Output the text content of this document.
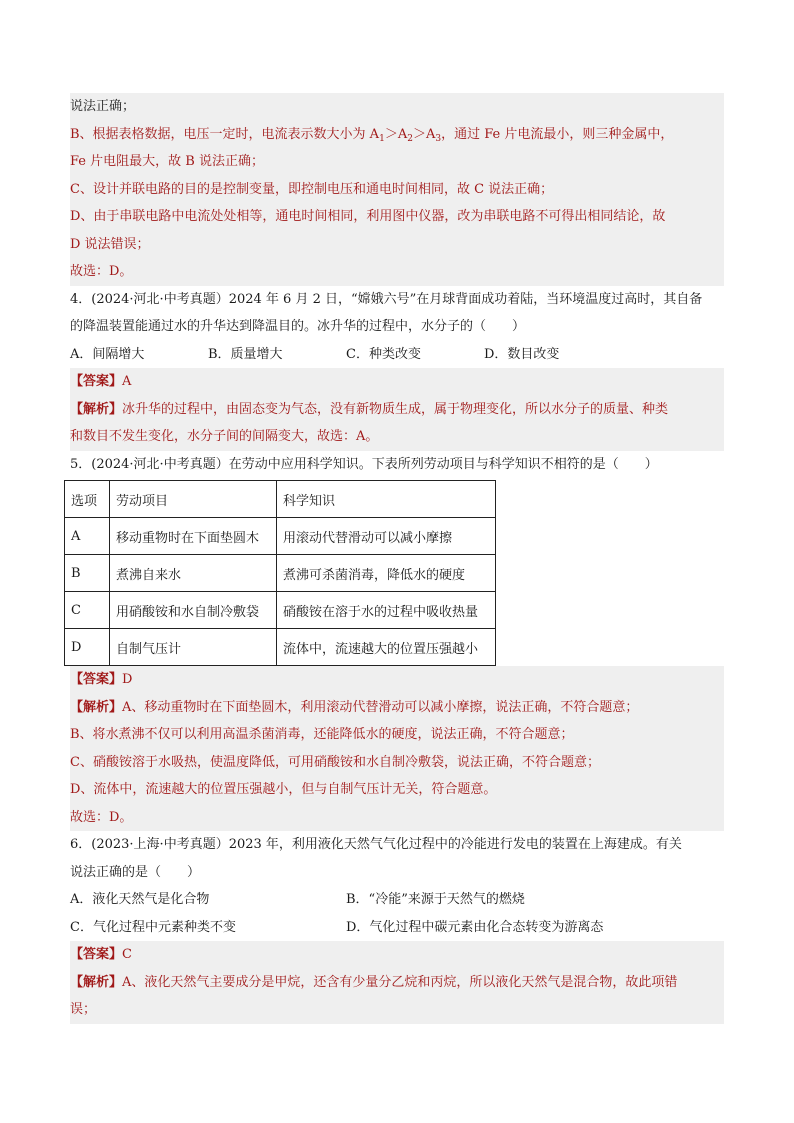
说法正确；
B、根据表格数据，电压一定时，电流表示数大小为 $A_1>A_2>A_3$，通过 Fe 片电流最小，则三种金属中，
Fe 片电阻最大，故 B 说法正确；
C、设计并联电路的目的是控制变量，即控制电压和通电时间相同，故 C 说法正确；
D、由于串联电路中电流处处相等，通电时间相同，利用图中仪器，改为串联电路不可得出相同结论，故
D 说法错误；
故选：D。
4．(2024·河北·中考真题）2024 年 6 月 2 日，“嫦娥六号”在月球背面成功着陆，当环境温度过高时，其自备
的降温装置能通过水的升华达到降温目的。冰升华的过程中，水分子的（　　）
A．间隔增大	B．质量增大	C．种类改变	D．数目改变
【答案】A
【解析】冰升华的过程中，由固态变为气态，没有新物质生成，属于物理变化，所以水分子的质量、种类
和数目不发生变化，水分子间的间隔变大，故选：A。
5．(2024·河北·中考真题）在劳动中应用科学知识。下表所列劳动项目与科学知识不相符的是（　　）
选项	劳动项目	科学知识
A	移动重物时在下面垫圆木	用滚动代替滑动可以减小摩擦
B	煮沸自来水	煮沸可杀菌消毒，降低水的硬度
C	用硝酸铵和水自制冷敷袋	硝酸铵在溶于水的过程中吸收热量
D	自制气压计	流体中，流速越大的位置压强越小
【答案】D
【解析】A、移动重物时在下面垫圆木，利用滚动代替滑动可以减小摩擦，说法正确，不符合题意；
B、将水煮沸不仅可以利用高温杀菌消毒，还能降低水的硬度，说法正确，不符合题意；
C、硝酸铵溶于水吸热，使温度降低，可用硝酸铵和水自制冷敷袋，说法正确，不符合题意；
D、流体中，流速越大的位置压强越小，但与自制气压计无关，符合题意。
故选：D。
6．(2023·上海·中考真题）2023 年，利用液化天然气气化过程中的冷能进行发电的装置在上海建成。有关
说法正确的是（　　）
A．液化天然气是化合物	B．“冷能”来源于天然气的燃烧
C．气化过程中元素种类不变	D．气化过程中碳元素由化合态转变为游离态
【答案】C
【解析】A、液化天然气主要成分是甲烷，还含有少量分乙烷和丙烷，所以液化天然气是混合物，故此项错
误；
